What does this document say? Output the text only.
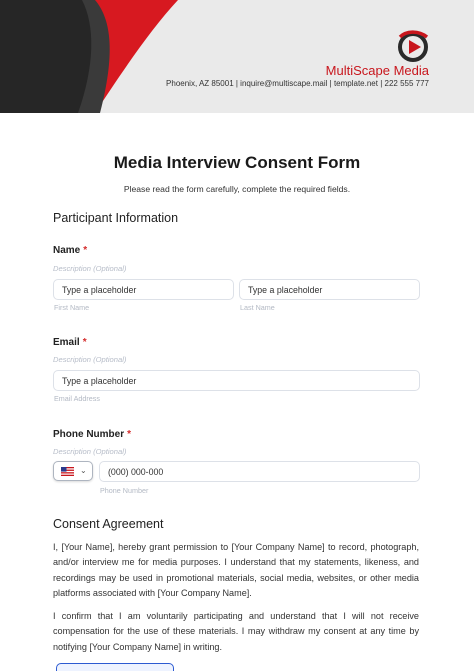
MultiScape Media
Phoenix, AZ 85001 | inquire@multiscape.mail | template.net | 222 555 777
Media Interview Consent Form
Please read the form carefully, complete the required fields.
Participant Information
Name *
Description (Optional)
Type a placeholder
First Name
Type a placeholder
Last Name
Email *
Description (Optional)
Type a placeholder
Email Address
Phone Number *
Description (Optional)
⌄	(000) 000-000
Phone Number
Consent Agreement
I, [Your Name], hereby grant permission to [Your Company Name] to record, photograph, and/or interview me for media purposes. I understand that my statements, likeness, and recordings may be used in promotional materials, social media, websites, or other media platforms associated with [Your Company Name].
I confirm that I am voluntarily participating and understand that I will not receive compensation for the use of these materials. I may withdraw my consent at any time by notifying [Your Company Name] in writing.
